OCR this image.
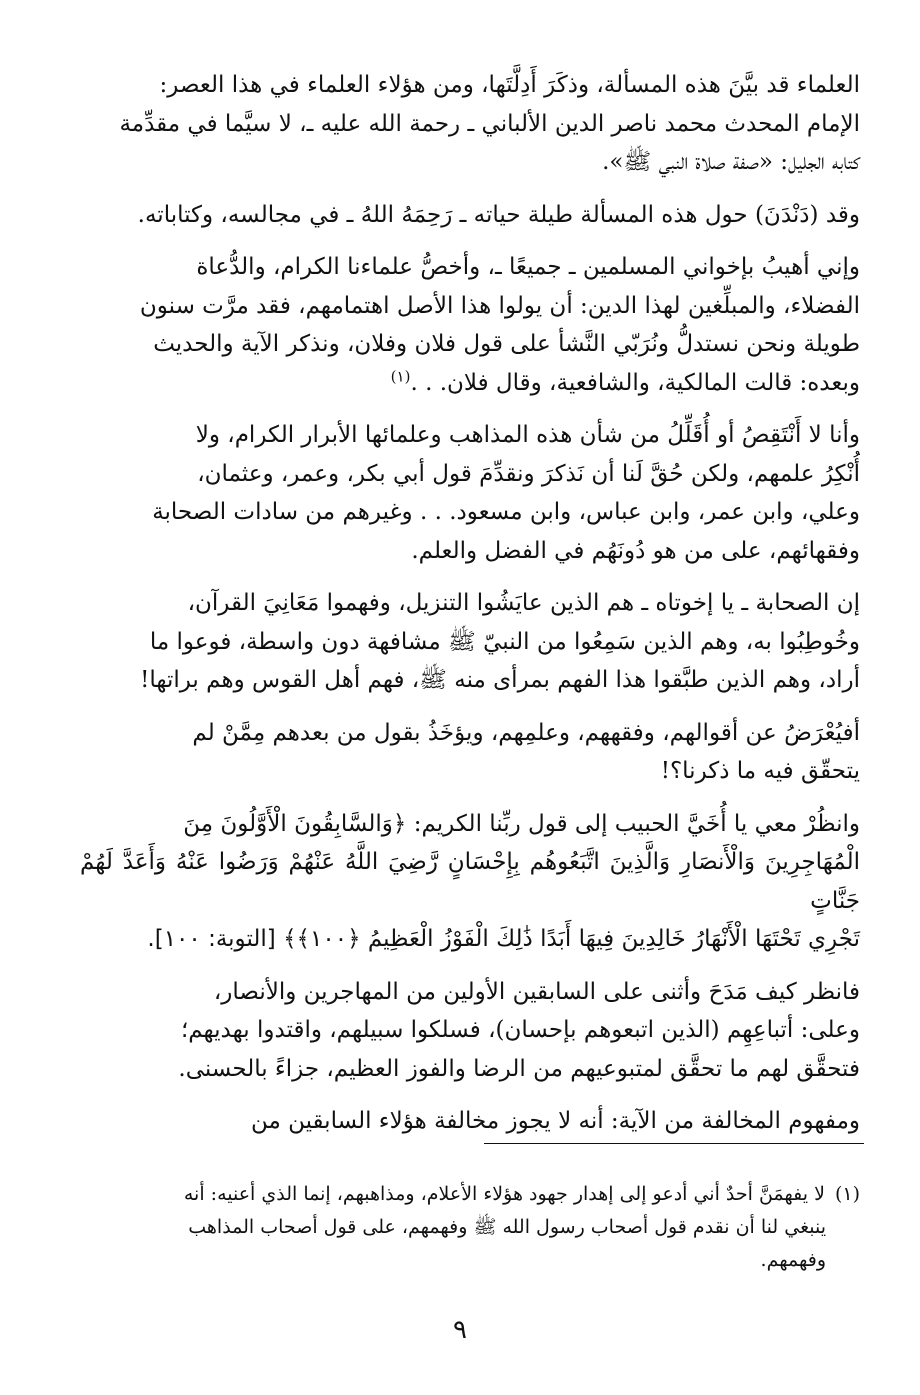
العلماء قد بيَّنَ هذه المسألة، وذكَرَ أَدِلَّتَها، ومن هؤلاء العلماء في هذا العصر:

الإمام المحدث محمد ناصر الدين الألباني ـ رحمة الله عليه ـ، لا سيَّما في مقدِّمة

كتابه الجليل: «صفة صلاة النبي ﷺ».

وقد (دَنْدَنَ) حول هذه المسألة طيلة حياته ـ رَحِمَهُ اللهُ ـ في مجالسه، وكتاباته.

وإني أهيبُ بإخواني المسلمين ـ جميعًا ـ، وأخصُّ علماءنا الكرام، والدُّعاة

الفضلاء، والمبلِّغين لهذا الدين: أن يولوا هذا الأصل اهتمامهم، فقد مرَّت سنون

طويلة ونحن نستدلُّ ونُرَبّي النَّشأ على قول فلان وفلان، ونذكر الآية والحديث

وبعده: قالت المالكية، والشافعية، وقال فلان. . .$^{(١)}$

وأنا لا أَنْتَقِصُ أو أُقَلِّلُ من شأن هذه المذاهب وعلمائها الأبرار الكرام، ولا

أُنْكِرُ علمهم، ولكن حُقَّ لَنا أن نَذكرَ ونقدِّمَ قول أبي بكر، وعمر، وعثمان،

وعلي، وابن عمر، وابن عباس، وابن مسعود. . . وغيرهم من سادات الصحابة

وفقهائهم، على من هو دُونَهُم في الفضل والعلم.

إن الصحابة ـ يا إخوتاه ـ هم الذين عايَشُوا التنزيل، وفهموا مَعَانِيَ القرآن،

وخُوطِبُوا به، وهم الذين سَمِعُوا من النبيّ ﷺ مشافهة دون واسطة، فوعوا ما

أراد، وهم الذين طبَّقوا هذا الفهم بمرأى منه ﷺ، فهم أهل القوس وهم براتها!

أفيُعْرَضُ عن أقوالهم، وفقههم، وعلمِهم، ويؤخَذُ بقول من بعدهم مِمَّنْ لم

يتحقّق فيه ما ذكرنا؟!

وانظُرْ معي يا أُخَيَّ الحبيب إلى قول ربِّنا الكريم: ﴿وَالسَّابِقُونَ الْأَوَّلُونَ مِنَ

الْمُهَاجِرِينَ وَالْأَنصَارِ وَالَّذِينَ اتَّبَعُوهُم بِإِحْسَانٍ رَّضِيَ اللَّهُ عَنْهُمْ وَرَضُوا عَنْهُ وَأَعَدَّ لَهُمْ جَنَّاتٍ

تَجْرِي تَحْتَهَا الْأَنْهَارُ خَالِدِينَ فِيهَا أَبَدًا ذَٰلِكَ الْفَوْزُ الْعَظِيمُ ﴿١٠٠﴾﴾ [التوبة: ١٠٠].

فانظر كيف مَدَحَ وأثنى على السابقين الأولين من المهاجرين والأنصار،

وعلى: أتباعِهِم (الذين اتبعوهم بإحسان)، فسلكوا سبيلهم، واقتدوا بهديهم؛

فتحقَّق لهم ما تحقَّق لمتبوعيهم من الرضا والفوز العظيم، جزاءً بالحسنى.

ومفهوم المخالفة من الآية: أنه لا يجوز مخالفة هؤلاء السابقين من

(١)لا يفهمَنَّ أحدٌ أني أدعو إلى إهدار جهود هؤلاء الأعلام، ومذاهبهم، إنما الذي أعنيه: أنه

ينبغي لنا أن نقدم قول أصحاب رسول الله ﷺ وفهمهم، على قول أصحاب المذاهب

وفهمهم.

٩
